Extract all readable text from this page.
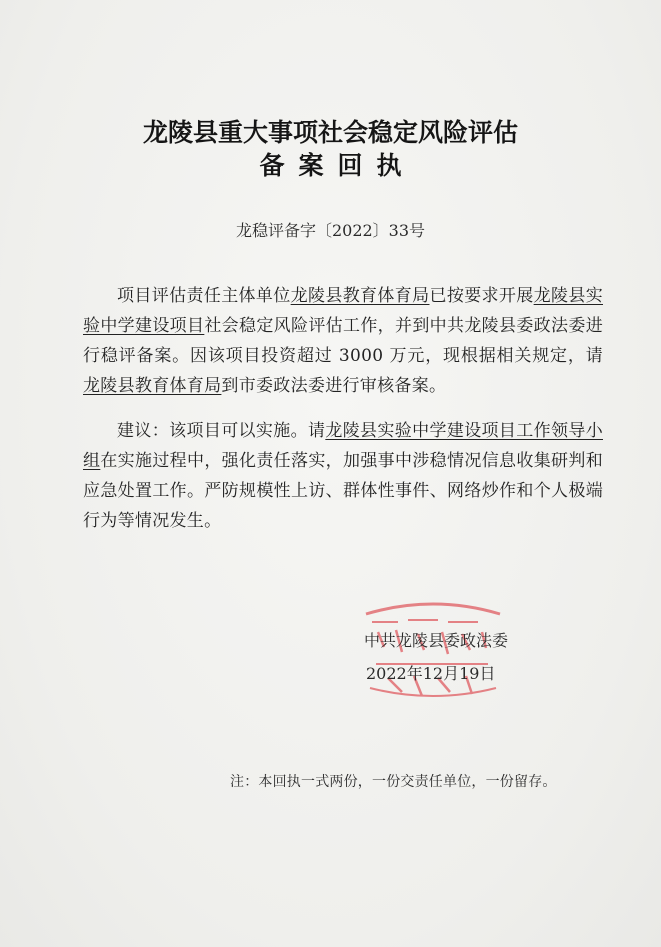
龙陵县重大事项社会稳定风险评估
备案回执
龙稳评备字〔2022〕33号
项目评估责任主体单位龙陵县教育体育局已按要求开展龙陵县实验中学建设项目社会稳定风险评估工作，并到中共龙陵县委政法委进行稳评备案。因该项目投资超过 3000 万元，现根据相关规定，请龙陵县教育体育局到市委政法委进行审核备案。
建议：该项目可以实施。请龙陵县实验中学建设项目工作领导小组在实施过程中，强化责任落实，加强事中涉稳情况信息收集研判和应急处置工作。严防规模性上访、群体性事件、网络炒作和个人极端行为等情况发生。
中共龙陵县委政法委
2022年12月19日
注：本回执一式两份，一份交责任单位，一份留存。
